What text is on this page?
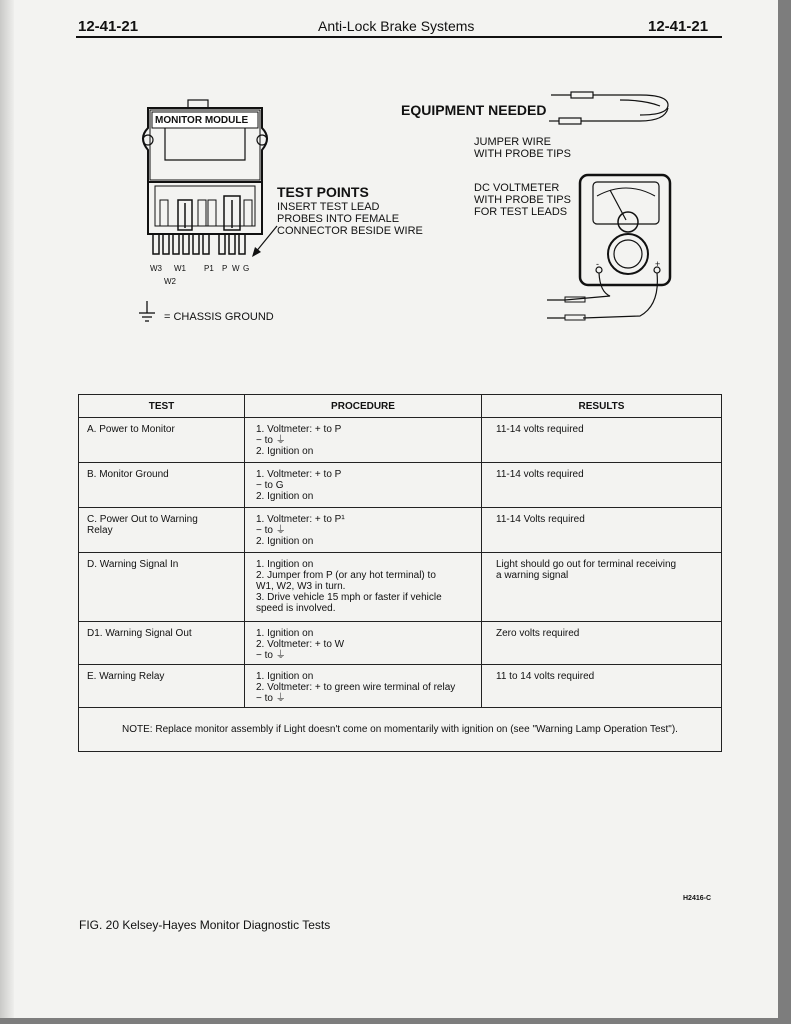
12-41-21	Anti-Lock Brake Systems	12-41-21
MONITOR MODULE
TEST POINTS
INSERT TEST LEAD
PROBES INTO FEMALE
CONNECTOR BESIDE WIRE
W3 W1 P1 P W G
W2
= CHASSIS GROUND
EQUIPMENT NEEDED
JUMPER WIRE
WITH PROBE TIPS
DC VOLTMETER
WITH PROBE TIPS
FOR TEST LEADS
-	+
TEST	PROCEDURE	RESULTS

A. Power to Monitor	1. Voltmeter: + to P
− to ⏚
2. Ignition on	11-14 volts required

B. Monitor Ground	1. Voltmeter: + to P
− to G
2. Ignition on	11-14 volts required

C. Power Out to Warning
Relay	1. Voltmeter: + to P¹
− to ⏚
2. Ignition on	11-14 Volts required

D. Warning Signal In	1. Ingition on
2. Jumper from P (or any hot terminal) to
W1, W2, W3 in turn.
3. Drive vehicle 15 mph or faster if vehicle
speed is involved.	Light should go out for terminal receiving
a warning signal

D1. Warning Signal Out	1. Ignition on
2. Voltmeter: + to W
− to ⏚	Zero volts required

E. Warning Relay	1. Ignition on
2. Voltmeter: + to green wire terminal of relay
− to ⏚	11 to 14 volts required

NOTE: Replace monitor assembly if Light doesn't come on momentarily with ignition on (see "Warning Lamp Operation Test").		
H2416-C
FIG. 20 Kelsey-Hayes Monitor Diagnostic Tests
